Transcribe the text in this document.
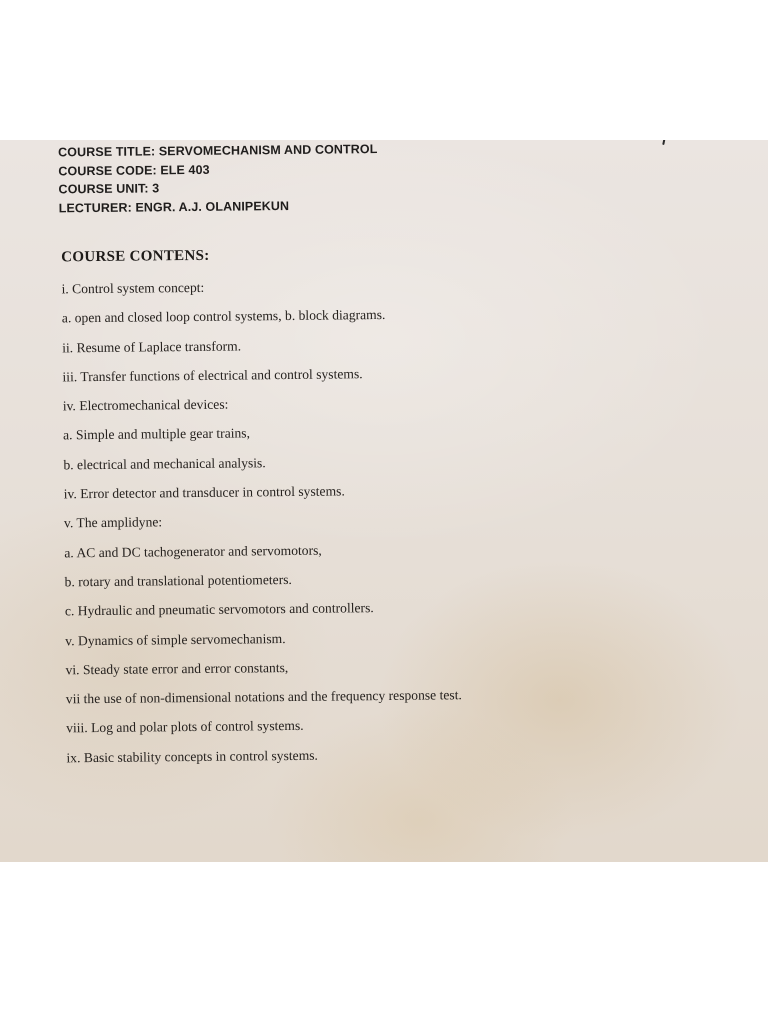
COURSE TITLE: SERVOMECHANISM AND CONTROL
COURSE CODE: ELE 403
COURSE UNIT: 3
LECTURER: ENGR. A.J. OLANIPEKUN
COURSE CONTENS:
i. Control system concept:
a. open and closed loop control systems, b. block diagrams.
ii. Resume of Laplace transform.
iii. Transfer functions of electrical and control systems.
iv. Electromechanical devices:
a. Simple and multiple gear trains,
b. electrical and mechanical analysis.
iv. Error detector and transducer in control systems.
v. The amplidyne:
a. AC and DC tachogenerator and servomotors,
b. rotary and translational potentiometers.
c. Hydraulic and pneumatic servomotors and controllers.
v. Dynamics of simple servomechanism.
vi. Steady state error and error constants,
vii the use of non-dimensional notations and the frequency response test.
viii. Log and polar plots of control systems.
ix. Basic stability concepts in control systems.
